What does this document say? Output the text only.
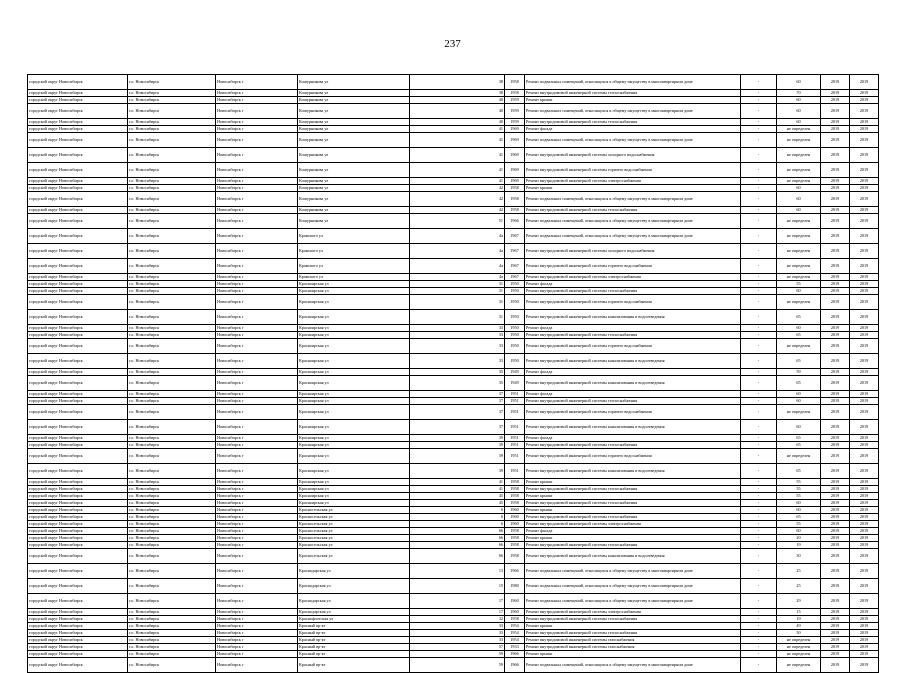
237
городской округ Новосибирск	г.о. Новосибирск	Новосибирск г	Кошурникова ул	38	1958	Ремонт подвальных помещений, относящихся к общему имуществу в многоквартирном доме	-	60	2019	2019
городской округ Новосибирск	г.о. Новосибирск	Новосибирск г	Кошурникова ул	38	1958	Ремонт внутридомовой инженерной системы теплоснабжения	-	70	2019	2019
городской округ Новосибирск	г.о. Новосибирск	Новосибирск г	Кошурникова ул	40	1959	Ремонт крыши	-	60	2019	2019
городской округ Новосибирск	г.о. Новосибирск	Новосибирск г	Кошурникова ул	40	1959	Ремонт подвальных помещений, относящихся к общему имуществу в многоквартирном доме	-	60	2019	2019
городской округ Новосибирск	г.о. Новосибирск	Новосибирск г	Кошурникова ул	40	1959	Ремонт внутридомовой инженерной системы теплоснабжения	-	60	2019	2019
городской округ Новосибирск	г.о. Новосибирск	Новосибирск г	Кошурникова ул	41	1969	Ремонт фасада	-	не определен	2019	2019
городской округ Новосибирск	г.о. Новосибирск	Новосибирск г	Кошурникова ул	41	1969	Ремонт подвальных помещений, относящихся к общему имуществу в многоквартирном доме	-	не определен	2019	2019
городской округ Новосибирск	г.о. Новосибирск	Новосибирск г	Кошурникова ул	41	1969	Ремонт внутридомовой инженерной системы холодного водоснабжения	-	не определен	2019	2019
городской округ Новосибирск	г.о. Новосибирск	Новосибирск г	Кошурникова ул	41	1969	Ремонт внутридомовой инженерной системы горячего водоснабжения	-	не определен	2019	2019
городской округ Новосибирск	г.о. Новосибирск	Новосибирск г	Кошурникова ул	41	1969	Ремонт внутридомовой инженерной системы электроснабжения	-	не определен	2019	2019
городской округ Новосибирск	г.о. Новосибирск	Новосибирск г	Кошурникова ул	42	1958	Ремонт крыши	-	60	2019	2019
городской округ Новосибирск	г.о. Новосибирск	Новосибирск г	Кошурникова ул	42	1958	Ремонт подвальных помещений, относящихся к общему имуществу в многоквартирном доме	-	60	2019	2019
городской округ Новосибирск	г.о. Новосибирск	Новосибирск г	Кошурникова ул	42	1958	Ремонт внутридомовой инженерной системы теплоснабжения	-	60	2019	2019
городской округ Новосибирск	г.о. Новосибирск	Новосибирск г	Кошурникова ул	51	1966	Ремонт подвальных помещений, относящихся к общему имуществу в многоквартирном доме	-	не определен	2019	2019
городской округ Новосибирск	г.о. Новосибирск	Новосибирск г	Крамского ул	4а	1967	Ремонт подвальных помещений, относящихся к общему имуществу в многоквартирном доме	-	не определен	2019	2019
городской округ Новосибирск	г.о. Новосибирск	Новосибирск г	Крамского ул	4а	1967	Ремонт внутридомовой инженерной системы холодного водоснабжения	-	не определен	2019	2019
городской округ Новосибирск	г.о. Новосибирск	Новосибирск г	Крамского ул	4а	1967	Ремонт внутридомовой инженерной системы горячего водоснабжения	-	не определен	2019	2019
городской округ Новосибирск	г.о. Новосибирск	Новосибирск г	Крамского ул	4а	1967	Ремонт внутридомовой инженерной системы электроснабжения	-	не определен	2019	2019
городской округ Новосибирск	г.о. Новосибирск	Новосибирск г	Красноярская ул	31	1950	Ремонт фасада	-	55	2019	2019
городской округ Новосибирск	г.о. Новосибирск	Новосибирск г	Красноярская ул	31	1950	Ремонт внутридомовой инженерной системы теплоснабжения	-	60	2019	2019
городской округ Новосибирск	г.о. Новосибирск	Новосибирск г	Красноярская ул	31	1950	Ремонт внутридомовой инженерной системы горячего водоснабжения	-	не определен	2019	2019
городской округ Новосибирск	г.о. Новосибирск	Новосибирск г	Красноярская ул	31	1950	Ремонт внутридомовой инженерной системы канализования и водоотведения	-	65	2019	2019
городской округ Новосибирск	г.о. Новосибирск	Новосибирск г	Красноярская ул	33	1950	Ремонт фасада	-	60	2019	2019
городской округ Новосибирск	г.о. Новосибирск	Новосибирск г	Красноярская ул	33	1950	Ремонт внутридомовой инженерной системы теплоснабжения	-	65	2019	2019
городской округ Новосибирск	г.о. Новосибирск	Новосибирск г	Красноярская ул	33	1950	Ремонт внутридомовой инженерной системы горячего водоснабжения	-	не определен	2019	2019
городской округ Новосибирск	г.о. Новосибирск	Новосибирск г	Красноярская ул	33	1950	Ремонт внутридомовой инженерной системы канализования и водоотведения	-	65	2019	2019
городской округ Новосибирск	г.о. Новосибирск	Новосибирск г	Красноярская ул	35	1949	Ремонт фасада	-	59	2019	2019
городской округ Новосибирск	г.о. Новосибирск	Новосибирск г	Красноярская ул	35	1949	Ремонт внутридомовой инженерной системы канализования и водоотведения	-	65	2019	2019
городской округ Новосибирск	г.о. Новосибирск	Новосибирск г	Красноярская ул	37	1951	Ремонт фасада	-	60	2019	2019
городской округ Новосибирск	г.о. Новосибирск	Новосибирск г	Красноярская ул	37	1951	Ремонт внутридомовой инженерной системы теплоснабжения	-	60	2019	2019
городской округ Новосибирск	г.о. Новосибирск	Новосибирск г	Красноярская ул	37	1951	Ремонт внутридомовой инженерной системы горячего водоснабжения	-	не определен	2019	2019
городской округ Новосибирск	г.о. Новосибирск	Новосибирск г	Красноярская ул	37	1951	Ремонт внутридомовой инженерной системы канализования и водоотведения	-	60	2019	2019
городской округ Новосибирск	г.о. Новосибирск	Новосибирск г	Красноярская ул	39	1951	Ремонт фасада	-	65	2019	2019
городской округ Новосибирск	г.о. Новосибирск	Новосибирск г	Красноярская ул	39	1951	Ремонт внутридомовой инженерной системы теплоснабжения	-	65	2019	2019
городской округ Новосибирск	г.о. Новосибирск	Новосибирск г	Красноярская ул	39	1951	Ремонт внутридомовой инженерной системы горячего водоснабжения	-	не определен	2019	2019
городской округ Новосибирск	г.о. Новосибирск	Новосибирск г	Красноярская ул	39	1951	Ремонт внутридомовой инженерной системы канализования и водоотведения	-	65	2019	2019
городской округ Новосибирск	г.о. Новосибирск	Новосибирск г	Красноярская ул	41	1958	Ремонт крыши	-	55	2019	2019
городской округ Новосибирск	г.о. Новосибирск	Новосибирск г	Красноярская ул	41	1958	Ремонт внутридомовой инженерной системы теплоснабжения	-	55	2019	2019
городской округ Новосибирск	г.о. Новосибирск	Новосибирск г	Красноярская ул	45	1958	Ремонт крыши	-	55	2019	2019
городской округ Новосибирск	г.о. Новосибирск	Новосибирск г	Красноярская ул	45	1958	Ремонт внутридомовой инженерной системы теплоснабжения	-	60	2019	2019
городской округ Новосибирск	г.о. Новосибирск	Новосибирск г	Красносельская ул	6	1960	Ремонт крыши	-	60	2019	2019
городской округ Новосибирск	г.о. Новосибирск	Новосибирск г	Красносельская ул	6	1960	Ремонт внутридомовой инженерной системы теплоснабжения	-	65	2019	2019
городской округ Новосибирск	г.о. Новосибирск	Новосибирск г	Красносельская ул	6	1960	Ремонт внутридомовой инженерной системы электроснабжения	-	55	2019	2019
городской округ Новосибирск	г.о. Новосибирск	Новосибирск г	Красносельская ул	66	1958	Ремонт фасада	-	60	2019	2019
городской округ Новосибирск	г.о. Новосибирск	Новосибирск г	Красносельская ул	66	1958	Ремонт крыши	-	20	2019	2019
городской округ Новосибирск	г.о. Новосибирск	Новосибирск г	Красносельская ул	66	1958	Ремонт внутридомовой инженерной системы теплоснабжения	-	19	2019	2019
городской округ Новосибирск	г.о. Новосибирск	Новосибирск г	Красносельская ул	66	1958	Ремонт внутридомовой инженерной системы канализования и водоотведения	-	30	2019	2019
городской округ Новосибирск	г.о. Новосибирск	Новосибирск г	Краснодарская ул	13	1966	Ремонт подвальных помещений, относящихся к общему имуществу в многоквартирном доме	-	25	2019	2019
городской округ Новосибирск	г.о. Новосибирск	Новосибирск г	Краснодарская ул	15	1980	Ремонт подвальных помещений, относящихся к общему имуществу в многоквартирном доме	-	25	2019	2019
городской округ Новосибирск	г.о. Новосибирск	Новосибирск г	Краснодарская ул	17	1960	Ремонт подвальных помещений, относящихся к общему имуществу в многоквартирном доме	-	29	2019	2019
городской округ Новосибирск	г.о. Новосибирск	Новосибирск г	Краснодарская ул	17	1960	Ремонт внутридомовой инженерной системы электроснабжения	-	15	2019	2019
городской округ Новосибирск	г.о. Новосибирск	Новосибирск г	Краснофлотская ул	32	1958	Ремонт внутридомовой инженерной системы теплоснабжения	-	19	2019	2019
городской округ Новосибирск	г.о. Новосибирск	Новосибирск г	Красный пр-кт	33	1954	Ремонт крыши	-	49	2019	2019
городской округ Новосибирск	г.о. Новосибирск	Новосибирск г	Красный пр-кт	33	1954	Ремонт внутридомовой инженерной системы теплоснабжения	-	50	2019	2019
городской округ Новосибирск	г.о. Новосибирск	Новосибирск г	Красный пр-кт	33	1954	Ремонт внутридомовой инженерной системы газоснабжения	-	не определен	2019	2019
городской округ Новосибирск	г.о. Новосибирск	Новосибирск г	Красный пр-кт	57	1933	Ремонт внутридомовой инженерной системы газоснабжения	-	не определен	2019	2019
городской округ Новосибирск	г.о. Новосибирск	Новосибирск г	Красный пр-кт	59	1966	Ремонт крыши	-	не определен	2019	2019
городской округ Новосибирск	г.о. Новосибирск	Новосибирск г	Красный пр-кт	59	1966	Ремонт подвальных помещений, относящихся к общему имуществу в многоквартирном доме	-	не определен	2019	2019
